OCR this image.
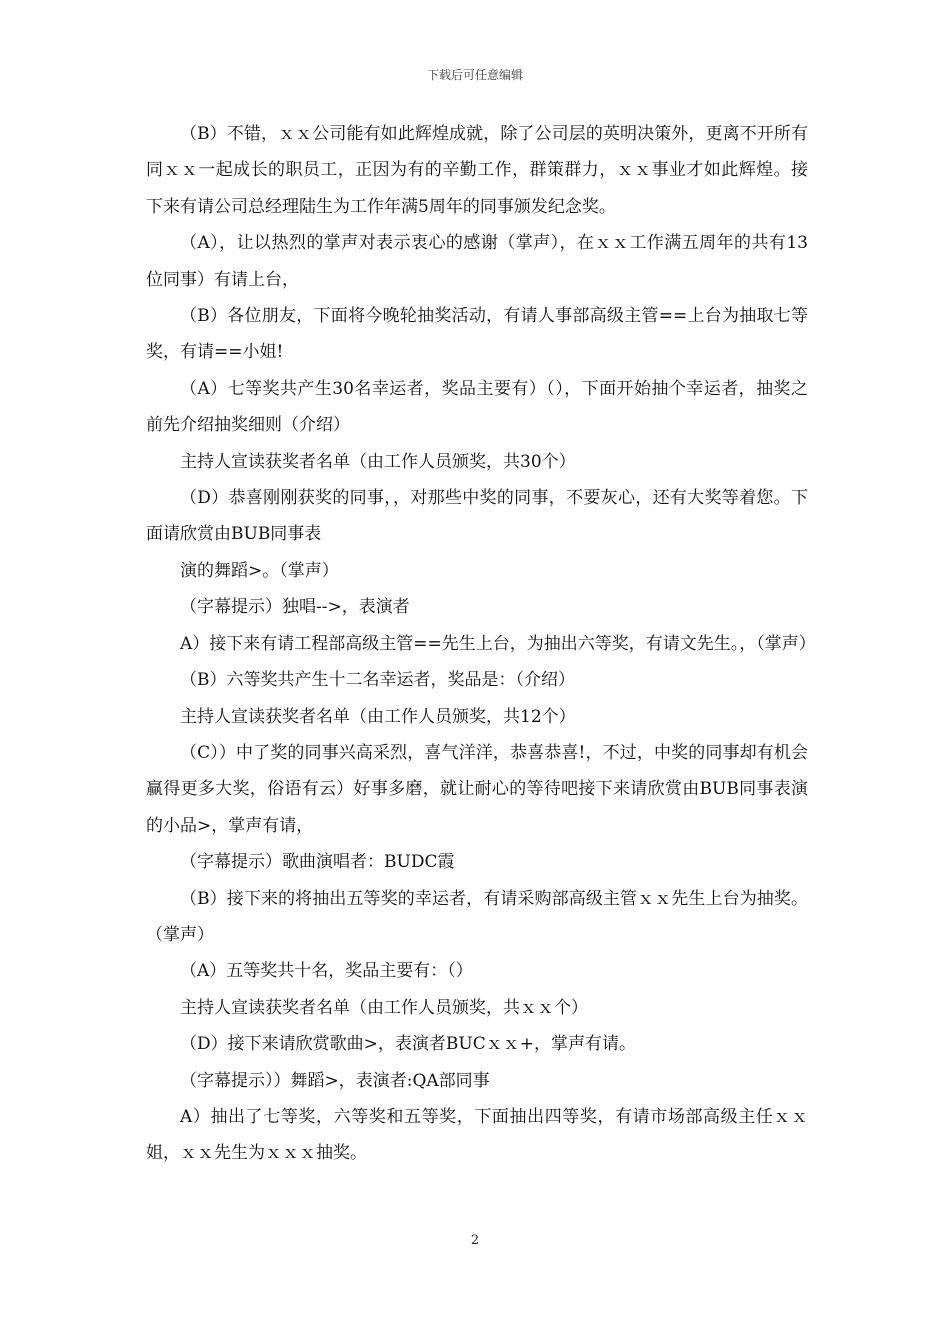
下载后可任意编辑

（B）不错，ｘｘ公司能有如此辉煌成就，除了公司层的英明决策外，更离不开所有同ｘｘ一起成长的职员工，正因为有的辛勤工作，群策群力，ｘｘ事业才如此辉煌。接下来有请公司总经理陆生为工作年满5周年的同事颁发纪念奖。

（A），让以热烈的掌声对表示衷心的感谢（掌声），在ｘｘ工作满五周年的共有13位同事）有请上台，

（B）各位朋友，下面将今晚轮抽奖活动，有请人事部高级主管==上台为抽取七等奖，有请==小姐!

（A）七等奖共产生30名幸运者，奖品主要有）（），下面开始抽个幸运者，抽奖之前先介绍抽奖细则（介绍）

主持人宣读获奖者名单（由工作人员颁奖，共30个）

（D）恭喜刚刚获奖的同事，，对那些中奖的同事，不要灰心，还有大奖等着您。下面请欣赏由BUB同事表

演的舞蹈>。（掌声）

（字幕提示）独唱-->，表演者

A）接下来有请工程部高级主管==先生上台，为抽出六等奖，有请文先生。，（掌声）

（B）六等奖共产生十二名幸运者，奖品是：（介绍）

主持人宣读获奖者名单（由工作人员颁奖，共12个）

（C））中了奖的同事兴高采烈，喜气洋洋，恭喜恭喜!，不过，中奖的同事却有机会赢得更多大奖，俗语有云）好事多磨，就让耐心的等待吧接下来请欣赏由BUB同事表演的小品>，掌声有请，

（字幕提示）歌曲演唱者：BUDC霞

（B）接下来的将抽出五等奖的幸运者，有请采购部高级主管ｘｘ先生上台为抽奖。（掌声）

（A）五等奖共十名，奖品主要有：（）

主持人宣读获奖者名单（由工作人员颁奖，共ｘｘ个）

（D）接下来请欣赏歌曲>，表演者BUCｘｘ+，掌声有请。

（字幕提示））舞蹈>，表演者:QA部同事

A）抽出了七等奖，六等奖和五等奖，下面抽出四等奖，有请市场部高级主任ｘｘ姐，ｘｘ先生为ｘｘｘ抽奖。

2
